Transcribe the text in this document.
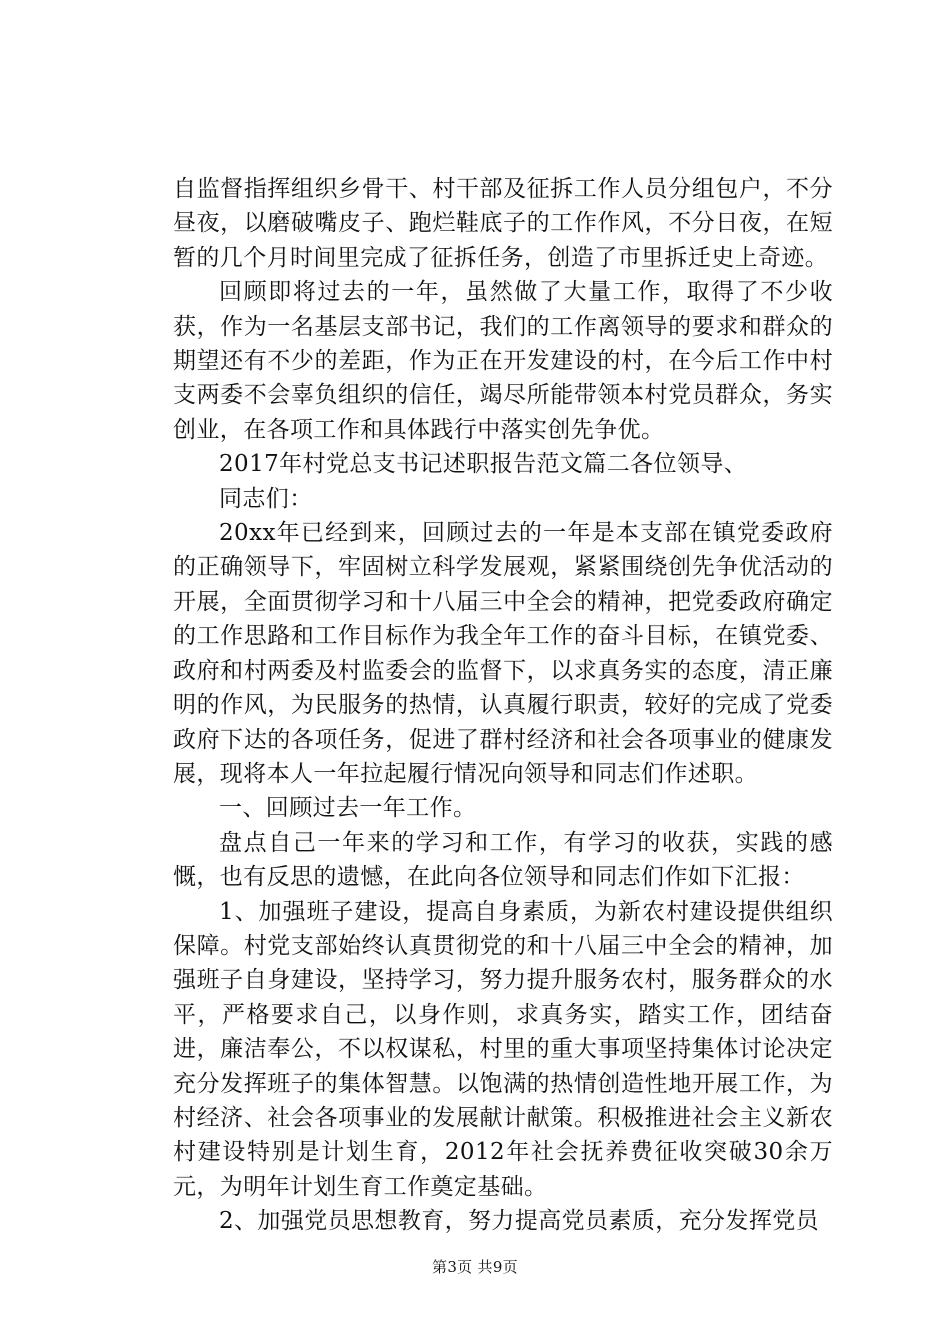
自监督指挥组织乡骨干、村干部及征拆工作人员分组包户，不分昼夜，以磨破嘴皮子、跑烂鞋底子的工作作风，不分日夜，在短暂的几个月时间里完成了征拆任务，创造了市里拆迁史上奇迹。

回顾即将过去的一年，虽然做了大量工作，取得了不少收获，作为一名基层支部书记，我们的工作离领导的要求和群众的期望还有不少的差距，作为正在开发建设的村，在今后工作中村支两委不会辜负组织的信任，竭尽所能带领本村党员群众，务实创业，在各项工作和具体践行中落实创先争优。

2017年村党总支书记述职报告范文篇二各位领导、

同志们：

20xx年已经到来，回顾过去的一年是本支部在镇党委政府的正确领导下，牢固树立科学发展观，紧紧围绕创先争优活动的开展，全面贯彻学习和十八届三中全会的精神，把党委政府确定的工作思路和工作目标作为我全年工作的奋斗目标，在镇党委、政府和村两委及村监委会的监督下，以求真务实的态度，清正廉明的作风，为民服务的热情，认真履行职责，较好的完成了党委政府下达的各项任务，促进了群村经济和社会各项事业的健康发展，现将本人一年拉起履行情况向领导和同志们作述职。

一、回顾过去一年工作。

盘点自己一年来的学习和工作，有学习的收获，实践的感慨，也有反思的遗憾，在此向各位领导和同志们作如下汇报：

1、加强班子建设，提高自身素质，为新农村建设提供组织保障。村党支部始终认真贯彻党的和十八届三中全会的精神，加强班子自身建设，坚持学习，努力提升服务农村，服务群众的水平，严格要求自己，以身作则，求真务实，踏实工作，团结奋进，廉洁奉公，不以权谋私，村里的重大事项坚持集体讨论决定充分发挥班子的集体智慧。以饱满的热情创造性地开展工作，为村经济、社会各项事业的发展献计献策。积极推进社会主义新农村建设特别是计划生育，2012年社会抚养费征收突破30余万元，为明年计划生育工作奠定基础。

2、加强党员思想教育，努力提高党员素质，充分发挥党员

第3页 共9页
